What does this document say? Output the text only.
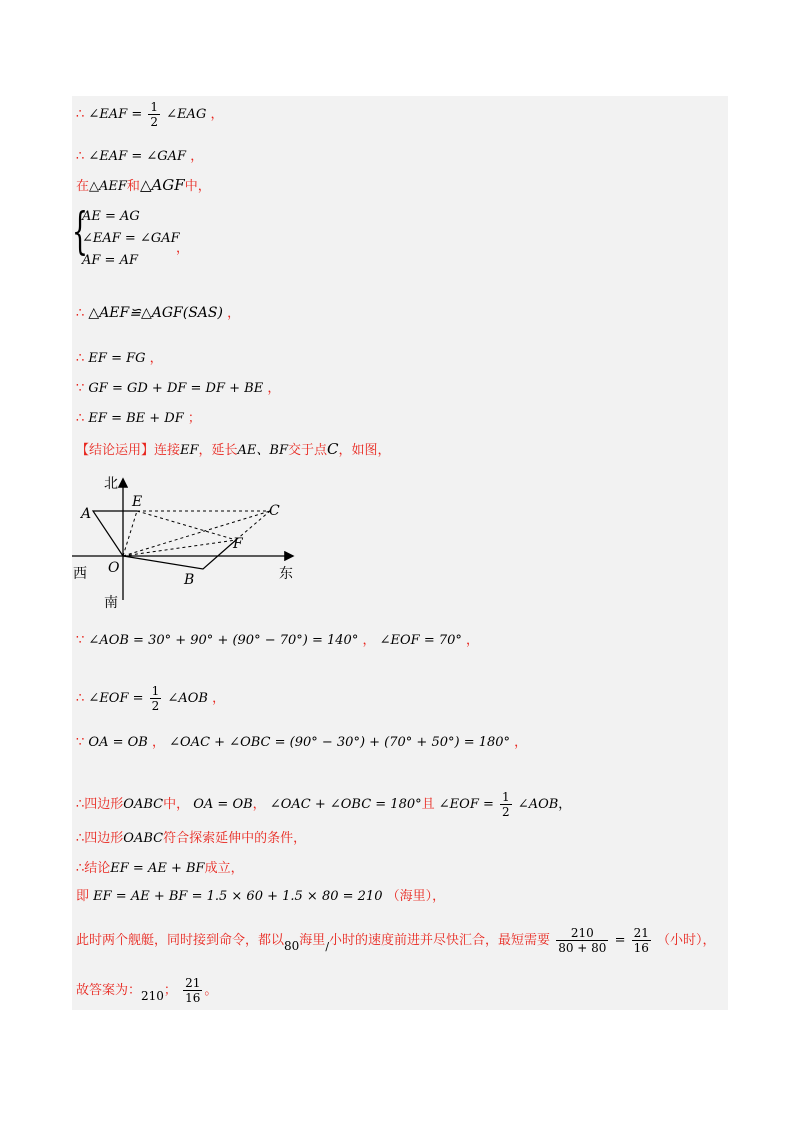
∴ ∠EAF = $\frac{1}{2}$ ∠EAG ，
∴ ∠EAF = ∠GAF ，
在△AEF和△AGF中，
{
AE = AG
∠EAF = ∠GAF
AF = AF
，
∴ △AEF≌△AGF(SAS) ，
∴ EF = FG ，
∵ GF = GD + DF = DF + BE ，
∴ EF = BE + DF ；
【结论运用】连接EF，延长AE、BF交于点C，如图，
北
A
E
C
F
O
B
西	东
南
∵ ∠AOB = 30° + 90° + (90° − 70°) = 140° ， ∠EOF = 70° ，
∴ ∠EOF = $\frac{1}{2}$ ∠AOB ，
∵ OA = OB ， ∠OAC + ∠OBC = (90° − 30°) + (70° + 50°) = 180° ，
∴四边形OABC中， OA = OB， ∠OAC + ∠OBC = 180°且 ∠EOF = $\frac{1}{2}$ ∠AOB，
∴四边形OABC符合探索延伸中的条件，
∴结论EF = AE + BF成立，
即 EF = AE + BF = 1.5 × 60 + 1.5 × 80 = 210 （海里），
此时两个舰艇，同时接到命令，都以80海里$_/$小时的速度前进并尽快汇合，最短需要 $\frac{210}{80 + 80} = \frac{21}{16}$ （小时），
故答案为：210； $\frac{21}{16}$ 。
